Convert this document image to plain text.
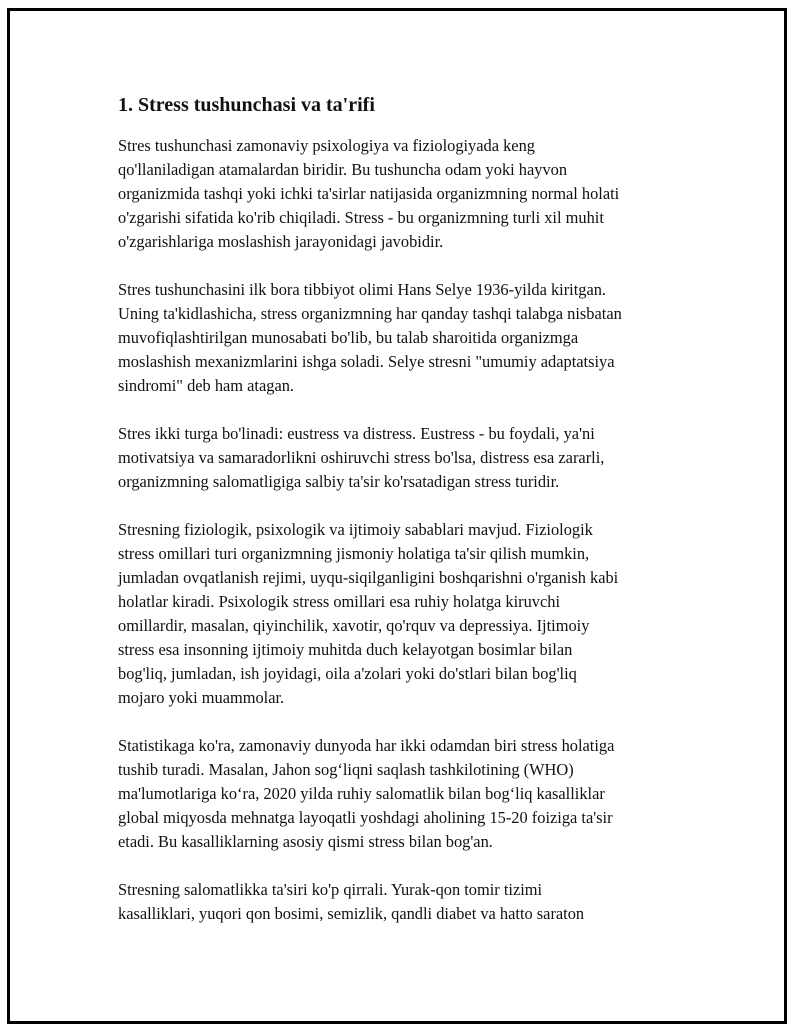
1. Stress tushunchasi va ta'rifi

Stres tushunchasi zamonaviy psixologiya va fiziologiyada keng
qo'llaniladigan atamalardan biridir. Bu tushuncha odam yoki hayvon
organizmida tashqi yoki ichki ta'sirlar natijasida organizmning normal holati
o'zgarishi sifatida ko'rib chiqiladi. Stress - bu organizmning turli xil muhit
o'zgarishlariga moslashish jarayonidagi javobidir.

Stres tushunchasini ilk bora tibbiyot olimi Hans Selye 1936-yilda kiritgan.
Uning ta'kidlashicha, stress organizmning har qanday tashqi talabga nisbatan
muvofiqlashtirilgan munosabati bo'lib, bu talab sharoitida organizmga
moslashish mexanizmlarini ishga soladi. Selye stresni "umumiy adaptatsiya
sindromi" deb ham atagan.

Stres ikki turga bo'linadi: eustress va distress. Eustress - bu foydali, ya'ni
motivatsiya va samaradorlikni oshiruvchi stress bo'lsa, distress esa zararli,
organizmning salomatligiga salbiy ta'sir ko'rsatadigan stress turidir.

Stresning fiziologik, psixologik va ijtimoiy sabablari mavjud. Fiziologik
stress omillari turi organizmning jismoniy holatiga ta'sir qilish mumkin,
jumladan ovqatlanish rejimi, uyqu-siqilganligini boshqarishni o'rganish kabi
holatlar kiradi. Psixologik stress omillari esa ruhiy holatga kiruvchi
omillardir, masalan, qiyinchilik, xavotir, qo'rquv va depressiya. Ijtimoiy
stress esa insonning ijtimoiy muhitda duch kelayotgan bosimlar bilan
bog'liq, jumladan, ish joyidagi, oila a'zolari yoki do'stlari bilan bog'liq
mojaro yoki muammolar.

Statistikaga ko'ra, zamonaviy dunyoda har ikki odamdan biri stress holatiga
tushib turadi. Masalan, Jahon sog‘liqni saqlash tashkilotining (WHO)
ma'lumotlariga ko‘ra, 2020 yilda ruhiy salomatlik bilan bog‘liq kasalliklar
global miqyosda mehnatga layoqatli yoshdagi aholining 15-20 foiziga ta'sir
etadi. Bu kasalliklarning asosiy qismi stress bilan bog'an.

Stresning salomatlikka ta'siri ko'p qirrali. Yurak-qon tomir tizimi
kasalliklari, yuqori qon bosimi, semizlik, qandli diabet va hatto saraton
